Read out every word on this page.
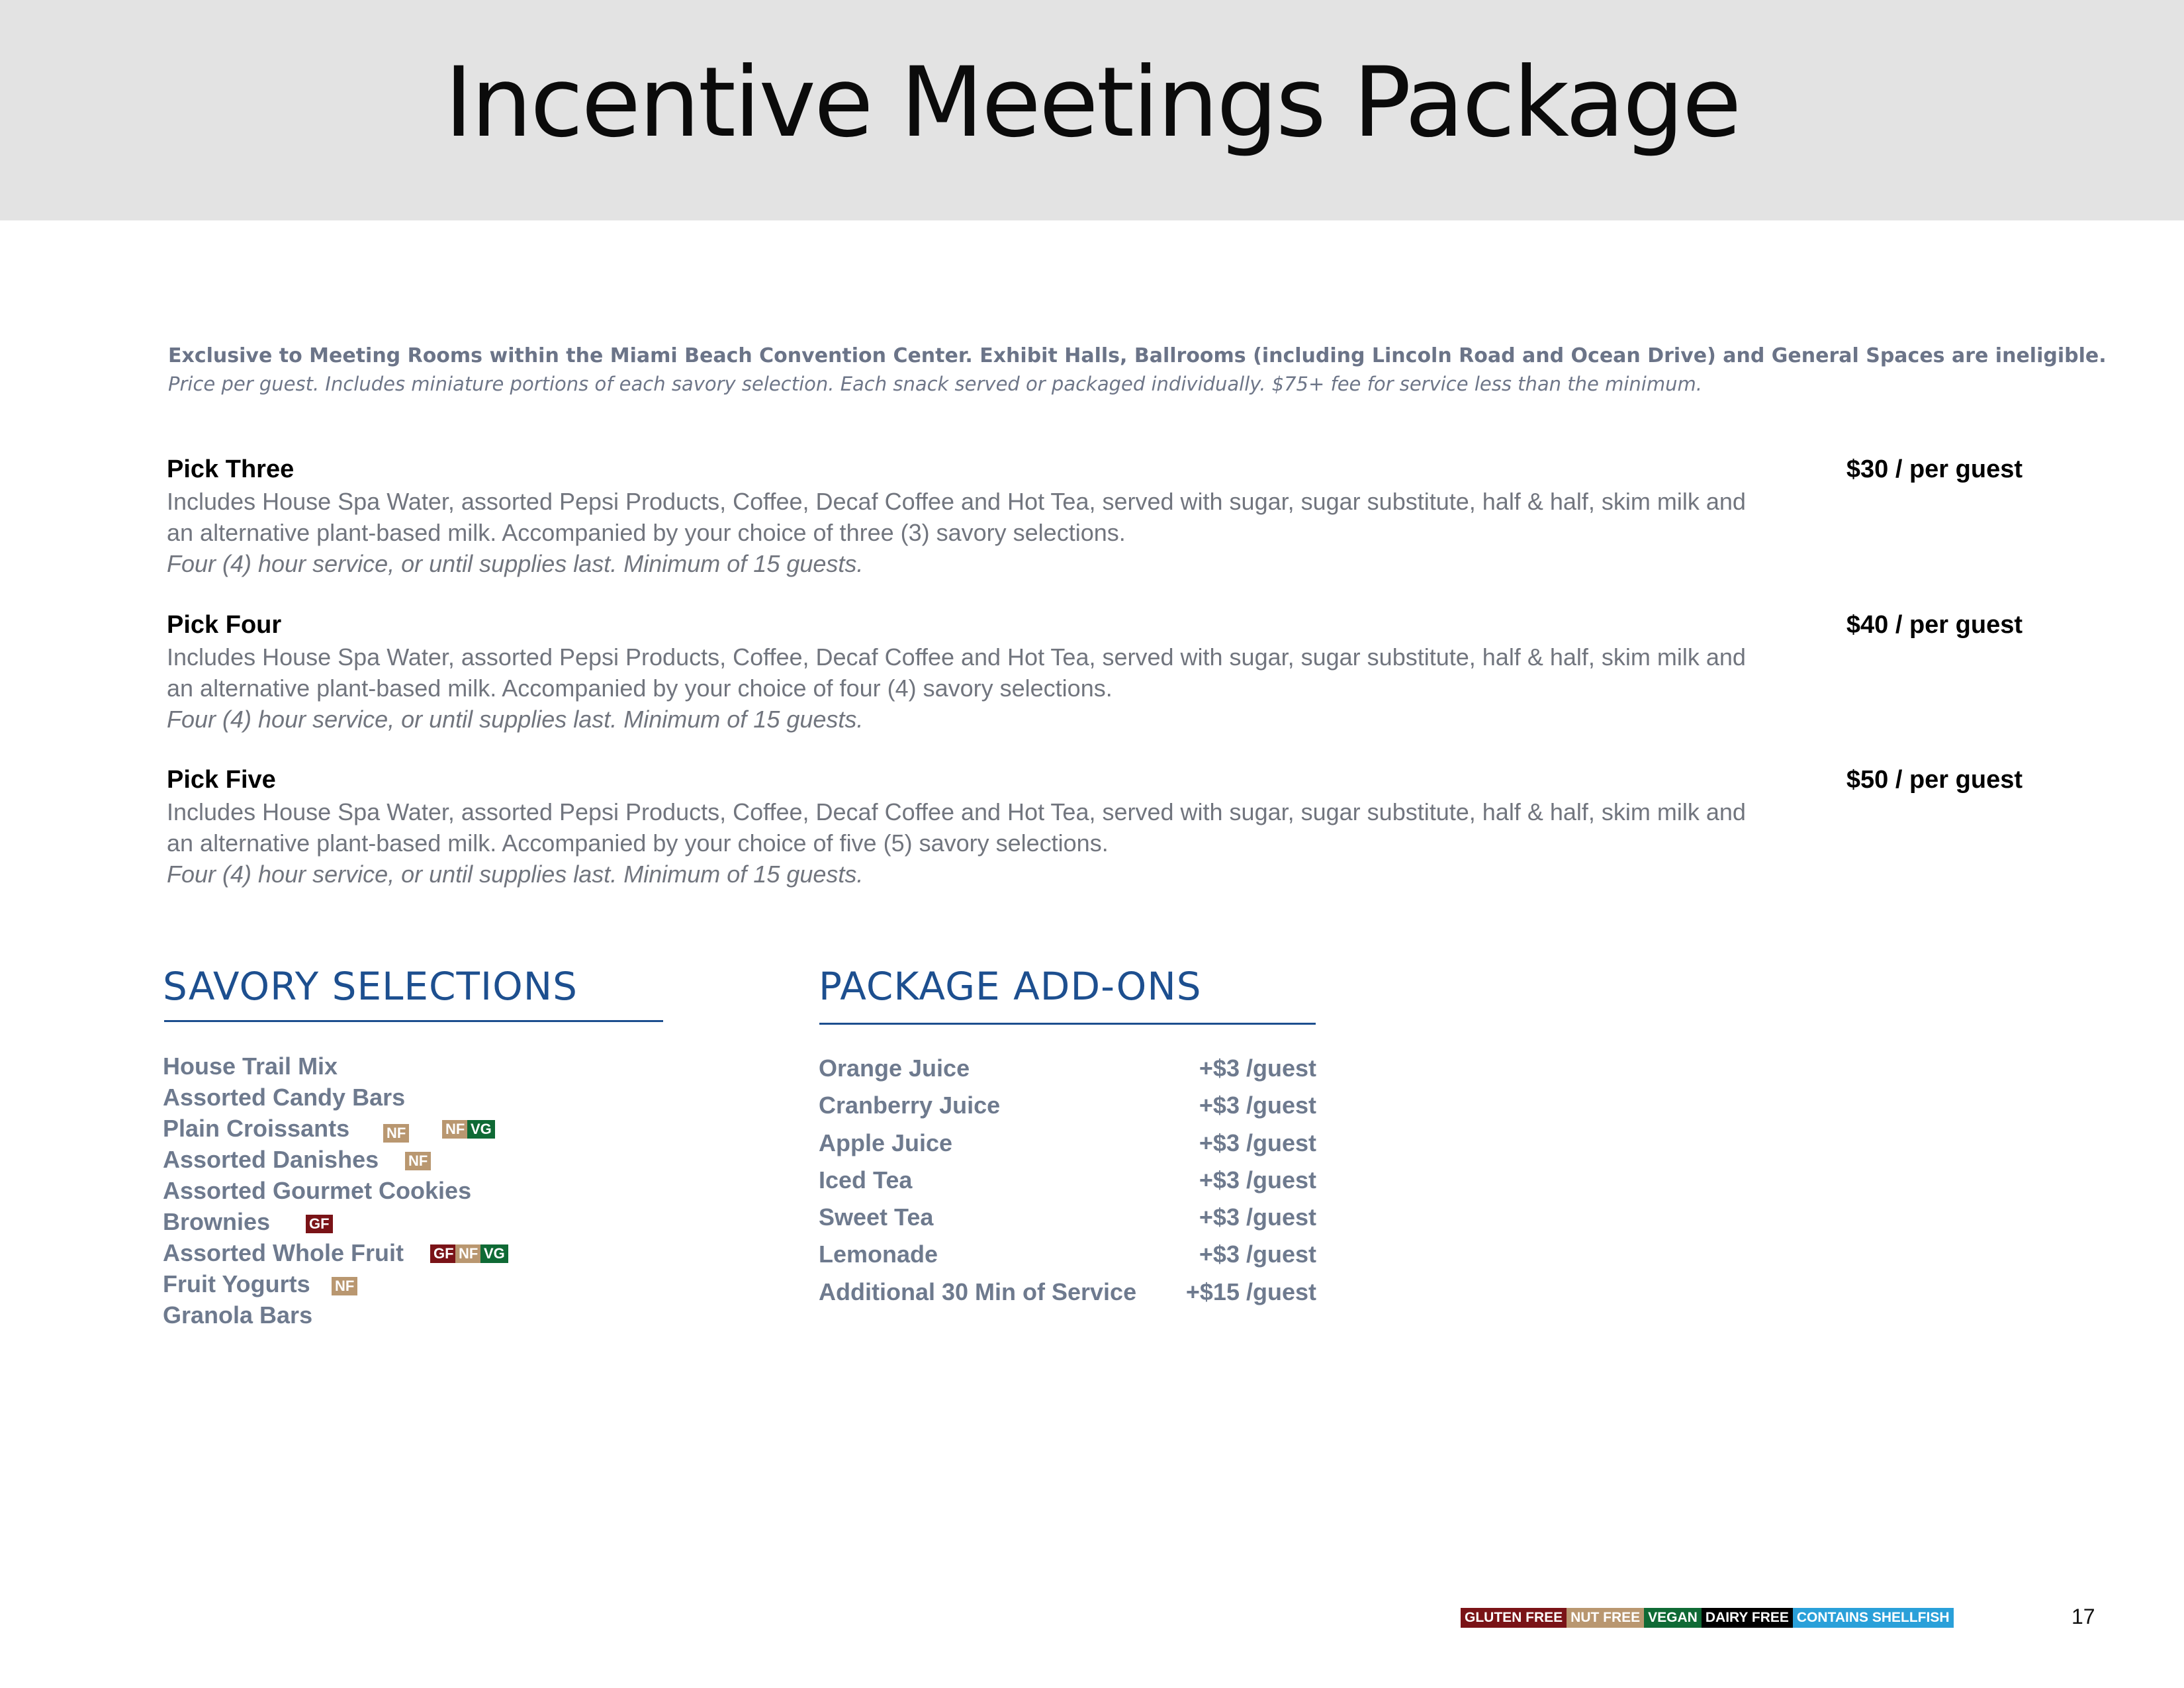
Incentive Meetings Package
Exclusive to Meeting Rooms within the Miami Beach Convention Center. Exhibit Halls, Ballrooms (including Lincoln Road and Ocean Drive) and General Spaces are ineligible.
Price per guest. Includes miniature portions of each savory selection. Each snack served or packaged individually. $75+ fee for service less than the minimum.
Pick Three	$30 / per guest
Includes House Spa Water, assorted Pepsi Products, Coffee, Decaf Coffee and Hot Tea, served with sugar, sugar substitute, half & half, skim milk and an alternative plant-based milk. Accompanied by your choice of three (3) savory selections.
Four (4) hour service, or until supplies last. Minimum of 15 guests.
Pick Four	$40 / per guest
Includes House Spa Water, assorted Pepsi Products, Coffee, Decaf Coffee and Hot Tea, served with sugar, sugar substitute, half & half, skim milk and an alternative plant-based milk. Accompanied by your choice of four (4) savory selections.
Four (4) hour service, or until supplies last. Minimum of 15 guests.
Pick Five	$50 / per guest
Includes House Spa Water, assorted Pepsi Products, Coffee, Decaf Coffee and Hot Tea, served with sugar, sugar substitute, half & half, skim milk and an alternative plant-based milk. Accompanied by your choice of five (5) savory selections.
Four (4) hour service, or until supplies last. Minimum of 15 guests.
SAVORY SELECTIONS
House Trail Mix
Assorted Candy Bars
Plain Croissants	NF	NF VG
Assorted Danishes NF
Assorted Gourmet Cookies
Brownies	GF
Assorted Whole Fruit GF NF VG
Fruit Yogurts NF
Granola Bars
PACKAGE ADD-ONS
Orange Juice	+$3 /guest
Cranberry Juice	+$3 /guest
Apple Juice	+$3 /guest
Iced Tea	+$3 /guest
Sweet Tea	+$3 /guest
Lemonade	+$3 /guest
Additional 30 Min of Service +$15 /guest
GLUTEN FREE NUT FREE VEGAN DAIRY FREE CONTAINS SHELLFISH	17
